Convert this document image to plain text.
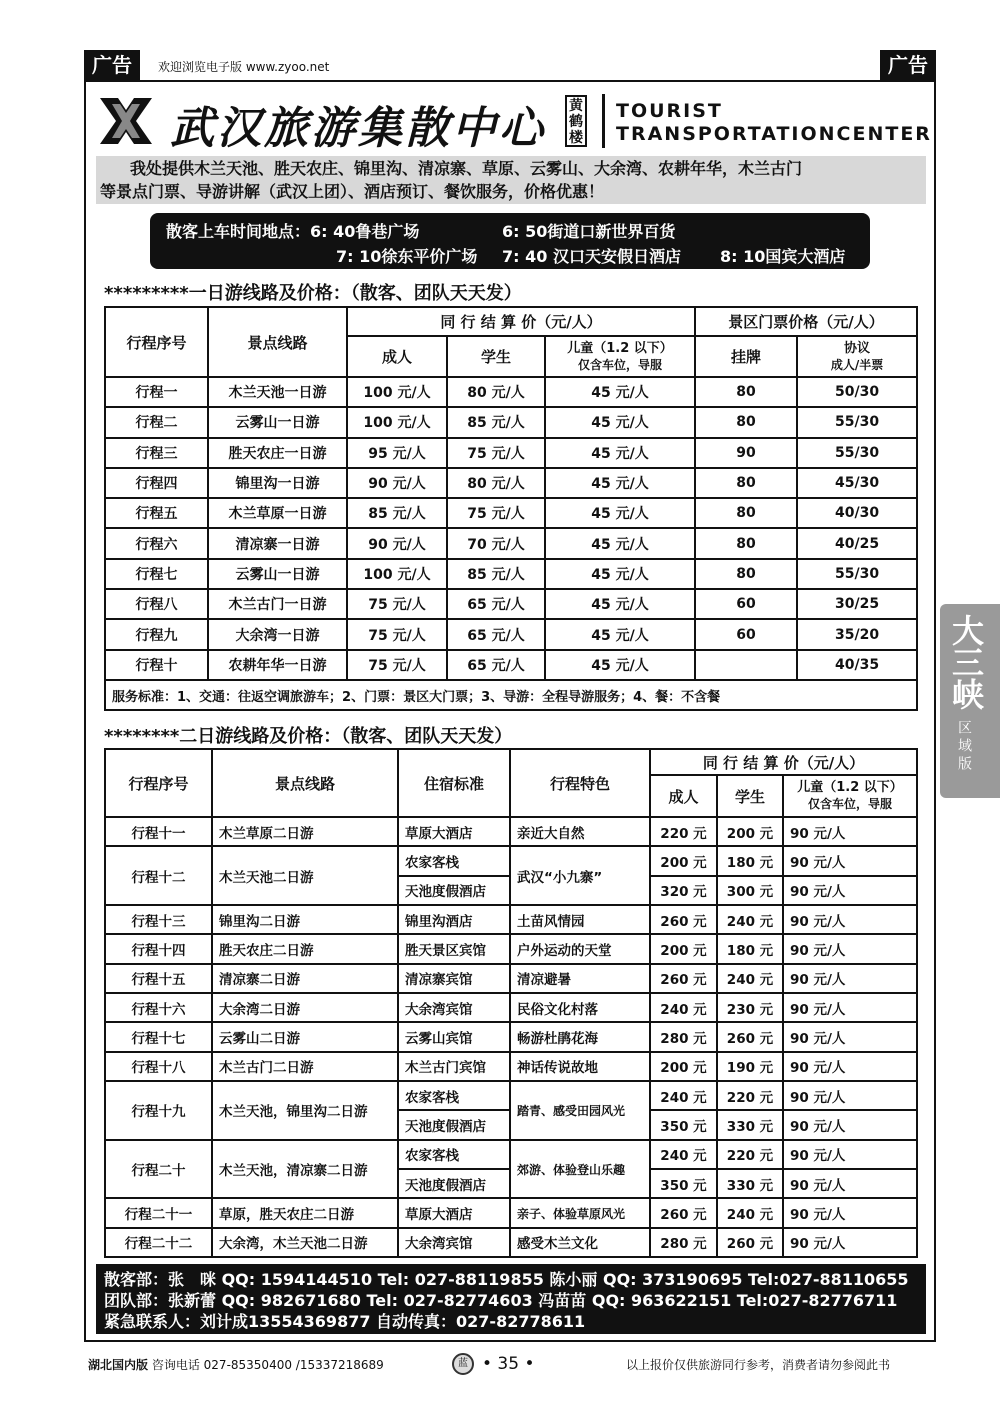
广告	欢迎浏览电子版 www.zyoo.net	广告
武汉旅游集散中心 黄鹤楼
TOURIST
TRANSPORTATION CENTER
我处提供木兰天池、胜天农庄、锦里沟、清凉寨、草原、云雾山、大余湾、农耕年华，木兰古门
等景点门票、导游讲解（武汉上团）、酒店预订、餐饮服务，价格优惠！
散客上车时间地点：6: 40鲁巷广场	6: 50街道口新世界百货
7: 10徐东平价广场 7: 40 汉口天安假日酒店 8: 10国宾大酒店
*********一日游线路及价格：（散客、团队天天发）
行程序号	景点线路	同 行 结 算 价（元/人）			景区门票价格（元/人）	
		成人	学生	儿童（1.2 以下）
仅含车位，导服	挂牌	协议
成人/半票

行程一	木兰天池一日游	100 元/人	80 元/人	45 元/人	80	50/30
行程二	云雾山一日游	100 元/人	85 元/人	45 元/人	80	55/30
行程三	胜天农庄一日游	95 元/人	75 元/人	45 元/人	90	55/30
行程四	锦里沟一日游	90 元/人	80 元/人	45 元/人	80	45/30
行程五	木兰草原一日游	85 元/人	75 元/人	45 元/人	80	40/30
行程六	清凉寨一日游	90 元/人	70 元/人	45 元/人	80	40/25
行程七	云雾山一日游	100 元/人	85 元/人	45 元/人	80	55/30
行程八	木兰古门一日游	75 元/人	65 元/人	45 元/人	60	30/25
行程九	大余湾一日游	75 元/人	65 元/人	45 元/人	60	35/20
行程十	农耕年华一日游	75 元/人	65 元/人	45 元/人		40/35
服务标准：1、交通：往返空调旅游车；2、门票：景区大门票；3、导游：全程导游服务；4、餐：不含餐						
********二日游线路及价格：（散客、团队天天发）
行程序号	景点线路	住宿标准	行程特色	同 行 结 算 价（元/人）		
				成人	学生	儿童（1.2 以下）
仅含车位，导服

行程十一	木兰草原二日游	草原大酒店	亲近大自然	220 元	200 元	90 元/人
行程十二	木兰天池二日游	农家客栈	武汉“小九寨”	200 元	180 元	90 元/人
		天池度假酒店		320 元	300 元	90 元/人
行程十三	锦里沟二日游	锦里沟酒店	土苗风情园	260 元	240 元	90 元/人
行程十四	胜天农庄二日游	胜天景区宾馆	户外运动的天堂	200 元	180 元	90 元/人
行程十五	清凉寨二日游	清凉寨宾馆	清凉避暑	260 元	240 元	90 元/人
行程十六	大余湾二日游	大余湾宾馆	民俗文化村落	240 元	230 元	90 元/人
行程十七	云雾山二日游	云雾山宾馆	畅游杜鹃花海	280 元	260 元	90 元/人
行程十八	木兰古门二日游	木兰古门宾馆	神话传说故地	200 元	190 元	90 元/人
行程十九	木兰天池，锦里沟二日游	农家客栈	踏青、感受田园风光	240 元	220 元	90 元/人
		天池度假酒店		350 元	330 元	90 元/人
行程二十	木兰天池，清凉寨二日游	农家客栈	郊游、体验登山乐趣	240 元	220 元	90 元/人
		天池度假酒店		350 元	330 元	90 元/人
行程二十一	草原，胜天农庄二日游	草原大酒店	亲子、体验草原风光	260 元	240 元	90 元/人
行程二十二	大余湾，木兰天池二日游	大余湾宾馆	感受木兰文化	280 元	260 元	90 元/人
散客部：张　咪 QQ: 1594144510 Tel: 027-88119855 陈小丽 QQ: 373190695 Tel:027-88110655
团队部：张新蕾 QQ: 982671680 Tel: 027-82774603 冯苗苗 QQ: 963622151 Tel:027-82776711
紧急联系人：刘计成13554369877 自动传真：027-82778611
湖北国内版 咨询电话 027-85350400 /15337218689	蓝 • 35 •	以上报价仅供旅游同行参考，消费者请勿参阅此书
大三峡
区域版
